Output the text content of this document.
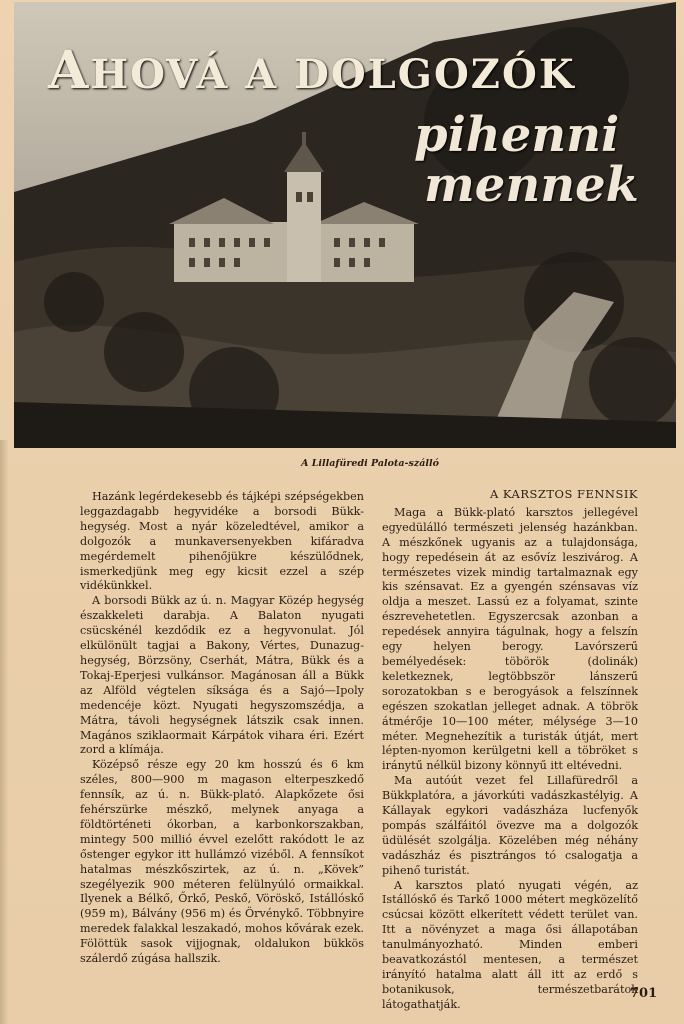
AHOVÁ A DOLGOZÓK
pihenni
mennek
A Lillafüredi Palota-szálló

Hazánk legérdekesebb és tájképi szépségekben leggazdagabb hegyvidéke a borsodi Bükk-hegység. Most a nyár közeledtével, amikor a dolgozók a munkaversenyekben kifáradva megérdemelt pihenőjükre készülődnek, ismerkedjünk meg egy kicsit ezzel a szép vidékünkkel.

A borsodi Bükk az ú. n. Magyar Közép hegység északkeleti darabja. A Balaton nyugati csücskénél kezdődik ez a hegyvonulat. Jól elkülönült tagjai a Bakony, Vértes, Dunazug-hegység, Börzsöny, Cserhát, Mátra, Bükk és a Tokaj-Eperjesi vulkánsor. Magánosan áll a Bükk az Alföld végtelen síksága és a Sajó—Ipoly medencéje közt. Nyugati hegyszomszédja, a Mátra, távoli hegységnek látszik csak innen. Magános sziklaormait Kárpátok vihara éri. Ezért zord a klímája.

Középső része egy 20 km hosszú és 6 km széles, 800—900 m magason elterpeszkedő fennsík, az ú. n. Bükk-plató. Alapkőzete ősi fehérszürke mészkő, melynek anyaga a földtörténeti ókorban, a karbonkorszakban, mintegy 500 millió évvel ezelőtt rakódott le az őstenger egykor itt hullámzó vizéből. A fennsíkot hatalmas mészkőszirtek, az ú. n. „Kövek” szegélyezik 900 méteren felülnyúló ormaikkal. Ilyenek a Bélkő, Őrkő, Peskő, Vöröskő, Istállóskő (959 m), Bálvány (956 m) és Örvénykő. Többnyire meredek falakkal leszakadó, mohos kővárak ezek. Fölöttük sasok vijjognak, oldalukon bükkös szálerdő zúgása hallszik.

A KARSZTOS FENNSIK

Maga a Bükk-plató karsztos jellegével egyedülálló természeti jelenség hazánkban. A mészkőnek ugyanis az a tulajdonsága, hogy repedésein át az esővíz leszivárog. A természetes vizek mindig tartalmaznak egy kis szénsavat. Ez a gyengén szénsavas víz oldja a meszet. Lassú ez a folyamat, szinte észrevehetetlen. Egyszercsak azonban a repedések annyira tágulnak, hogy a felszín egy helyen berogy. Lavórszerű bemélyedések: töbörök (dolinák) keletkeznek, legtöbbször lánszerű sorozatokban s e berogyások a felszínnek egészen szokatlan jelleget adnak. A töbrök átmérője 10—100 méter, mélysége 3—10 méter. Megnehezítik a turisták útját, mert lépten-nyomon kerülgetni kell a töbröket s iránytű nélkül bizony könnyű itt eltévedni.

Ma autóút vezet fel Lillafüredről a Bükkplatóra, a jávorkúti vadászkastélyig. A Kállayak egykori vadászháza lucfenyők pompás szálfáitól övezve ma a dolgozók üdülését szolgálja. Közelében még néhány vadászház és pisztrángos tó csalogatja a pihenő turistát.

A karsztos plató nyugati végén, az Istállóskő és Tarkő 1000 métert megközelítő csúcsai között elkerített védett terület van. Itt a növényzet a maga ősi állapotában tanulmányozható. Minden emberi beavatkozástól mentesen, a természet irányító hatalma alatt áll itt az erdő s botanikusok, természetbarátok látogathatják.

701
